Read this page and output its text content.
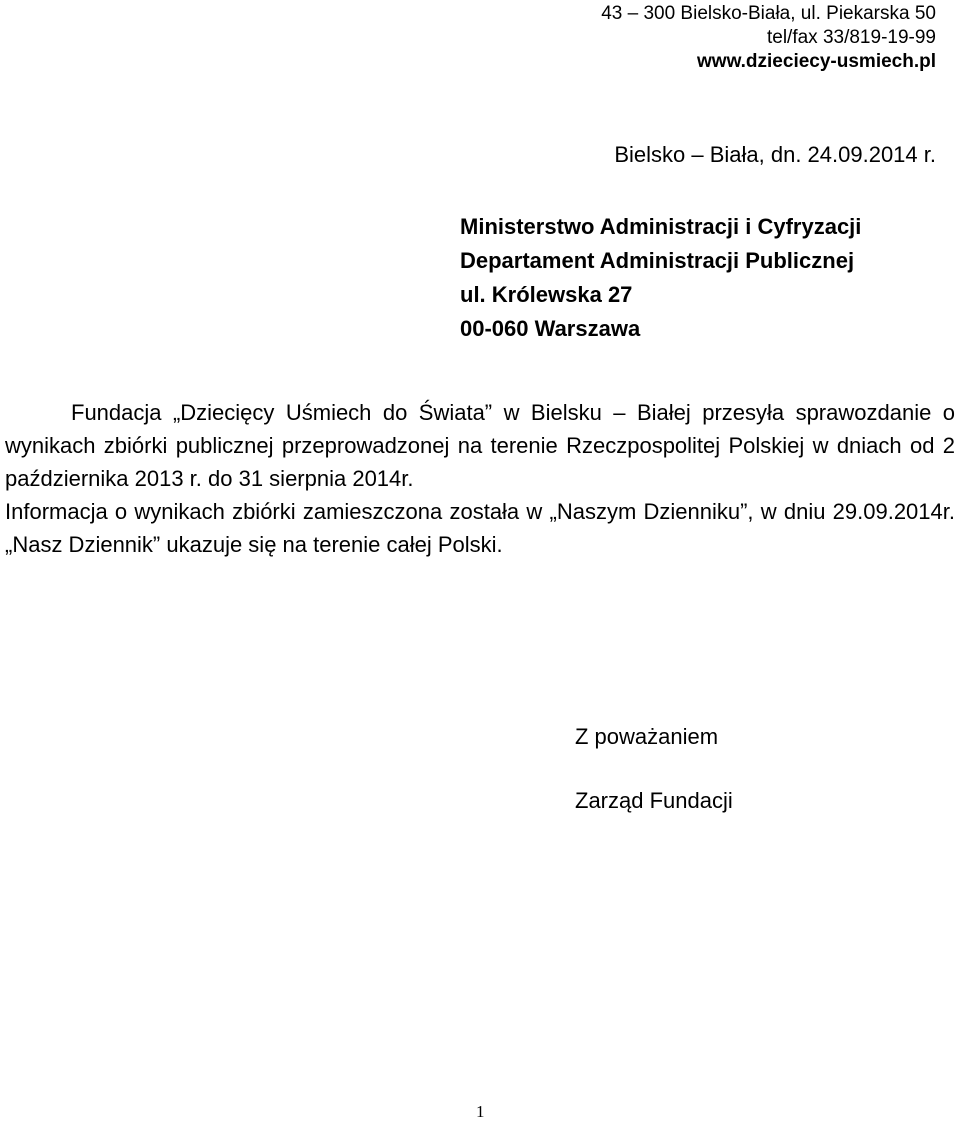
43 – 300 Bielsko-Biała, ul. Piekarska 50
tel/fax 33/819-19-99
www.dzieciecy-usmiech.pl
Bielsko – Biała, dn. 24.09.2014 r.
Ministerstwo Administracji i Cyfryzacji
Departament Administracji Publicznej
ul. Królewska 27
00-060 Warszawa

Fundacja „Dziecięcy Uśmiech do Świata” w Bielsku – Białej przesyła sprawozdanie o wynikach zbiórki publicznej przeprowadzonej na terenie Rzeczpospolitej Polskiej w dniach od 2 października 2013 r. do 31 sierpnia 2014r.

Informacja o wynikach zbiórki zamieszczona została w „Naszym Dzienniku”, w dniu 29.09.2014r. „Nasz Dziennik” ukazuje się na terenie całej Polski.

Z poważaniem
Zarząd Fundacji
1
